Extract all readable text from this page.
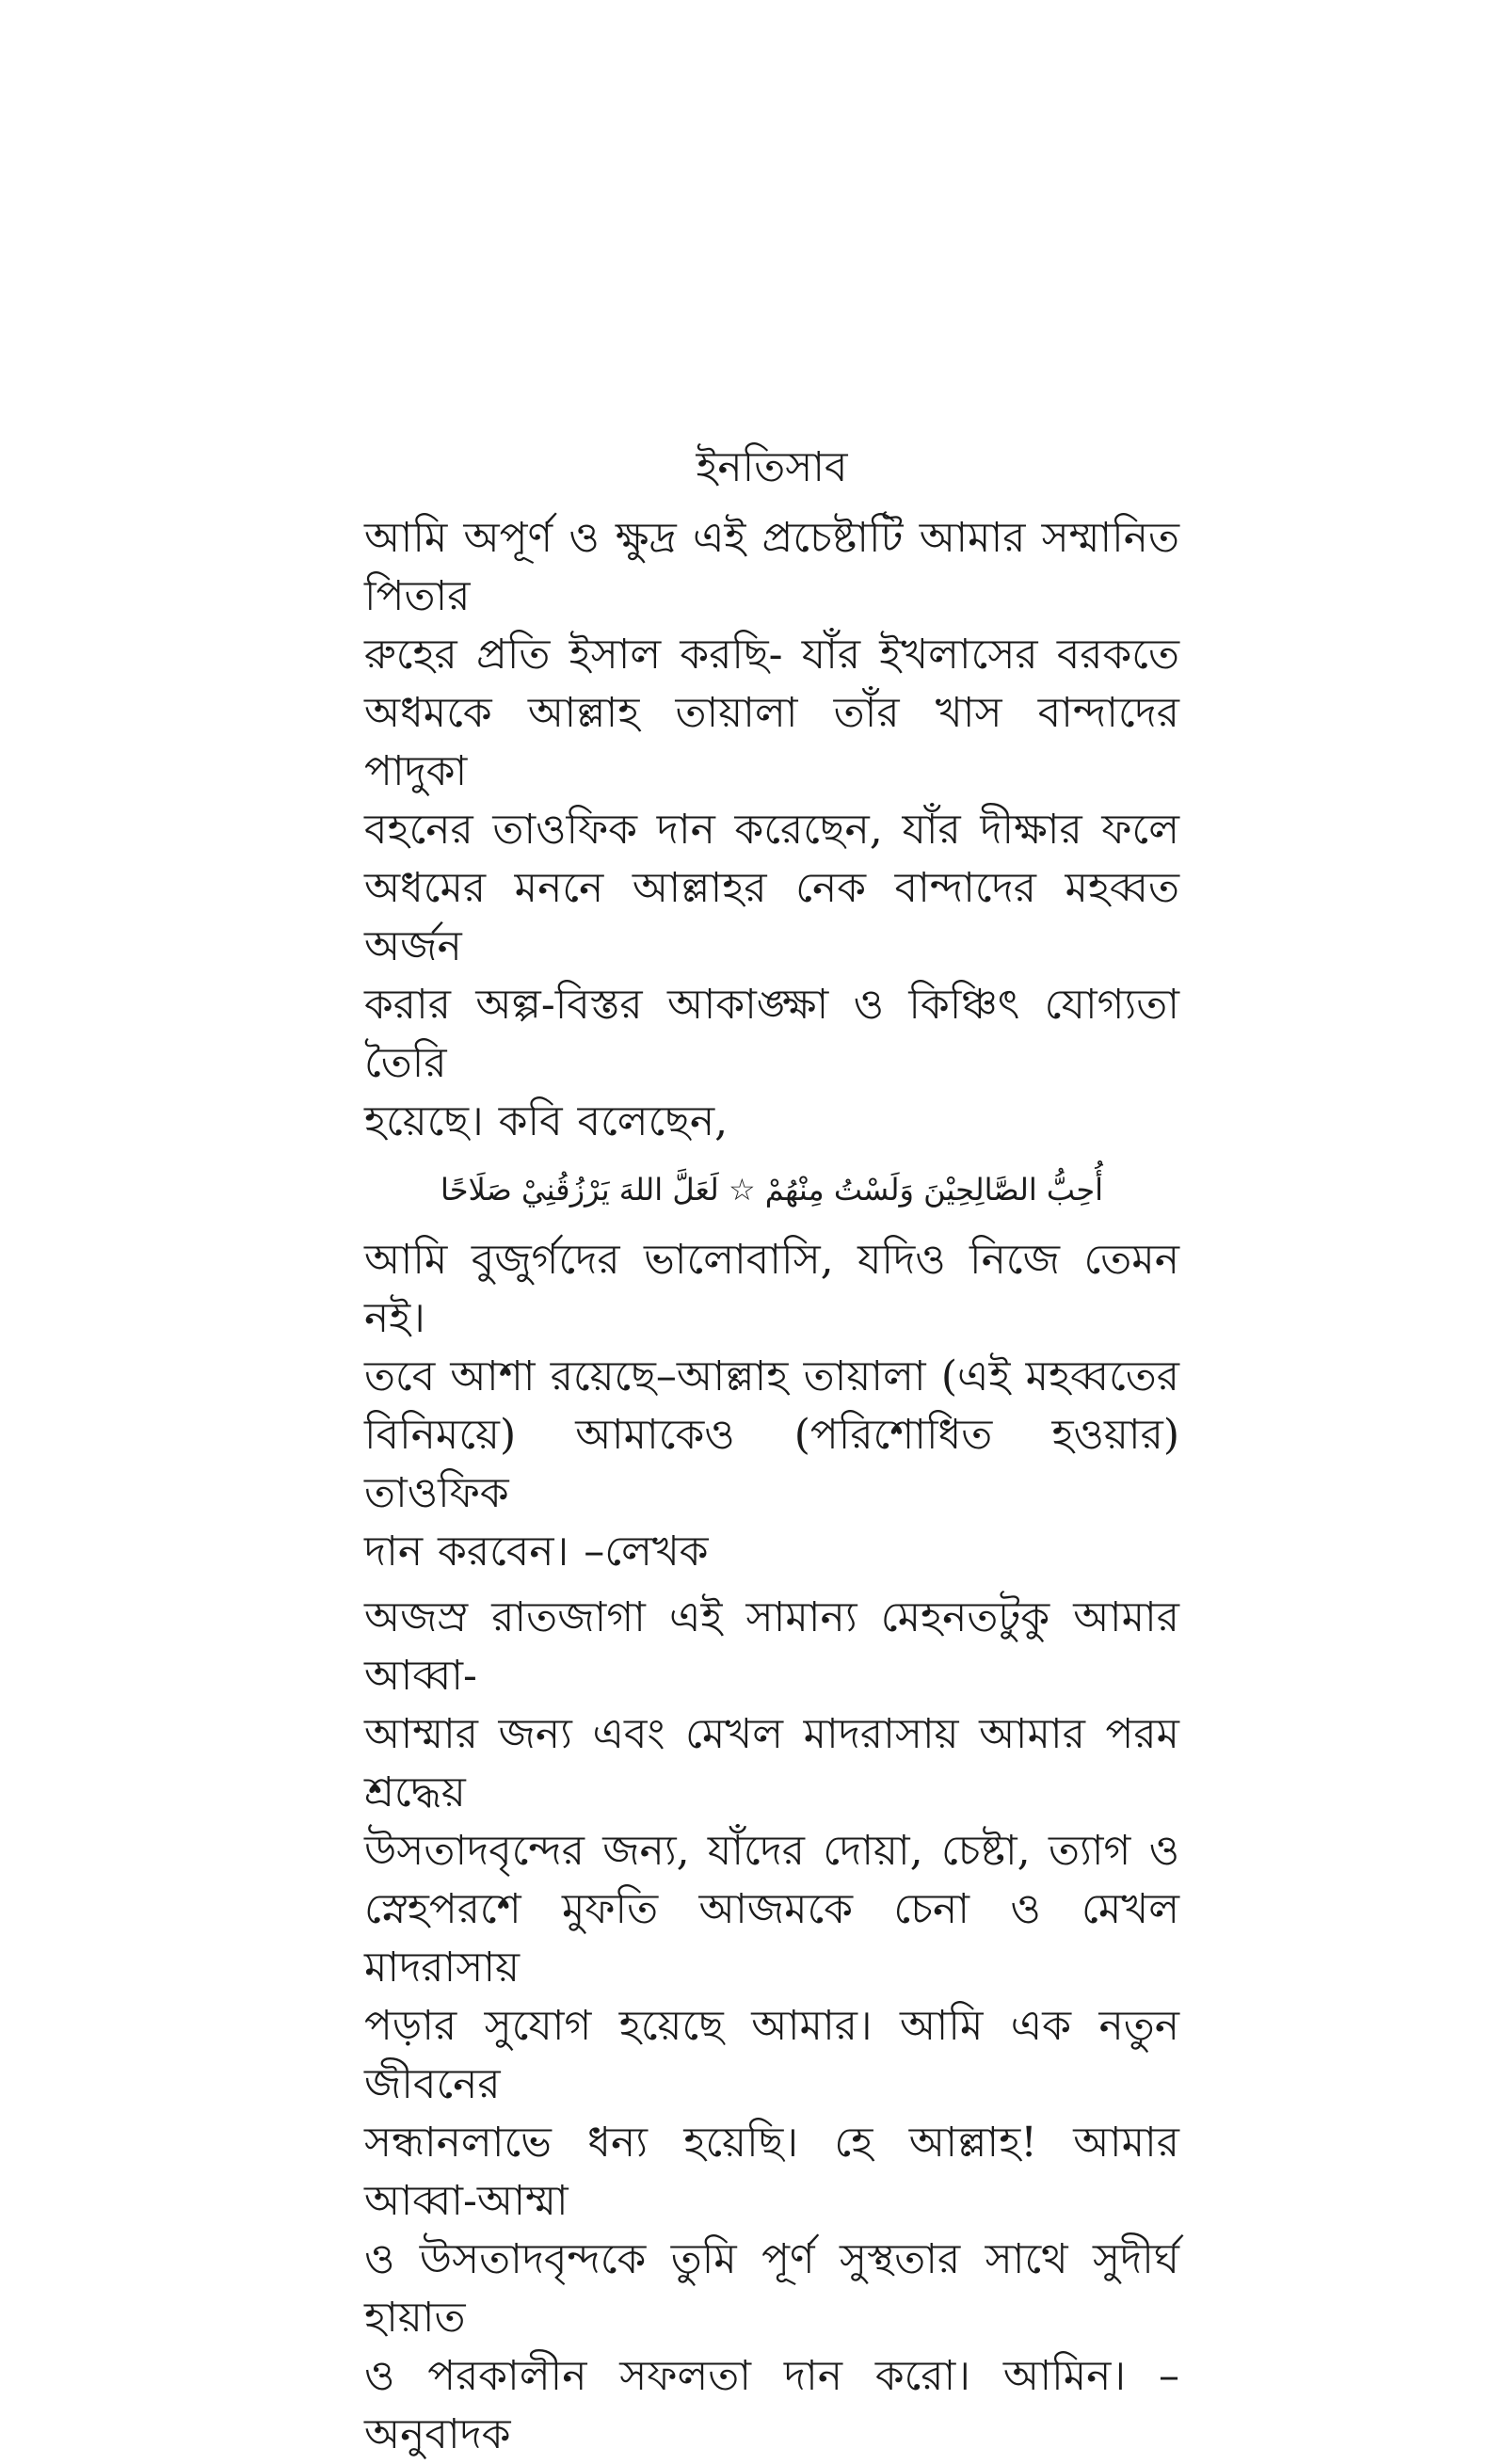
ইনতিসাব
আমি অপূর্ণ ও ক্ষুদ্র এই প্রচেষ্টাটি আমার সম্মানিত পিতার
রুহের প্রতি ইসাল করছি- যাঁর ইখলাসের বরকতে
অধমকে আল্লাহ তায়ালা তাঁর খাস বান্দাদের পাদুকা
বহনের তাওফিক দান করেছেন, যাঁর দীক্ষার ফলে
অধমের মননে আল্লাহর নেক বান্দাদের মহব্বত অর্জন
করার অল্প-বিস্তর আকাঙ্ক্ষা ও কিঞ্চিৎ যোগ্যতা তৈরি
হয়েছে। কবি বলেছেন,
أُحِبُّ الصَّالِحِيْنَ وَلَسْتُ مِنْهُمْ ☆ لَعَلَّ اللهَ يَرْزُقُنِيْ صَلَاحًا
আমি বুজুর্গদের ভালোবাসি, যদিও নিজে তেমন নই।
তবে আশা রয়েছে–আল্লাহ তায়ালা (এই মহব্বতের
বিনিময়ে) আমাকেও (পরিশোধিত হওয়ার) তাওফিক
দান করবেন। –লেখক
অজস্র রাতজাগা এই সামান্য মেহনতটুকু আমার আব্বা-
আম্মার জন্য এবং মেখল মাদরাসায় আমার পরম শ্রদ্ধেয়
উসতাদবৃন্দের জন্য, যাঁদের দোয়া, চেষ্টা, ত্যাগ ও
স্নেহপরশে মুফতি আজমকে চেনা ও মেখল মাদরাসায়
পড়ার সুযোগ হয়েছে আমার। আমি এক নতুন জীবনের
সন্ধানলাভে ধন্য হয়েছি। হে আল্লাহ! আমার আব্বা-আম্মা
ও উসতাদবৃন্দকে তুমি পূর্ণ সুস্থতার সাথে সুদীর্ঘ হায়াত
ও পরকালীন সফলতা দান করো। আমিন। –অনুবাদক
